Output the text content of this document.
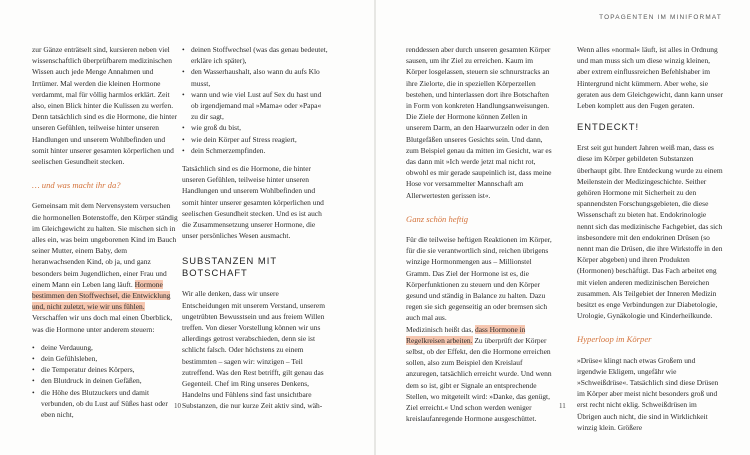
zur Gänze enträtselt sind, kursieren neben viel wissenschaftlich überprüfbarem medizinischen Wissen auch jede Menge Annahmen und Irrtümer. Mal werden die kleinen Hormone verdammt, mal für völlig harmlos erklärt. Zeit also, einen Blick hinter die Kulissen zu werfen. Denn tatsächlich sind es die Hormone, die hinter unseren Gefühlen, teilweise hinter unseren Handlungen und unserem Wohlbefinden und somit hinter unserer gesamten körperlichen und seelischen Gesundheit stecken.

… und was macht ihr da?

Gemeinsam mit dem Nervensystem versuchen die hormonellen Botenstoffe, den Körper ständig im Gleichgewicht zu halten. Sie mischen sich in alles ein, was beim ungeborenen Kind im Bauch seiner Mutter, einem Baby, dem heranwachsenden Kind, ob ja, und ganz besonders beim Jugendlichen, einer Frau und einem Mann ein Leben lang läuft. Hormone bestimmen den Stoffwechsel, die Entwicklung und, nicht zuletzt, wie wir uns fühlen. Verschaffen wir uns doch mal einen Überblick, was die Hormone unter anderem steuern:

• deine Verdauung,
• dein Gefühlsleben,
• die Temperatur deines Körpers,
• den Blutdruck in deinen Gefäßen,
• die Höhe des Blutzuckers und damit verbunden, ob du Lust auf Süßes hast oder eben nicht,
• deinen Stoffwechsel (was das genau bedeutet, erkläre ich später),
• den Wasserhaushalt, also wann du aufs Klo musst,
• wann und wie viel Lust auf Sex du hast und ob irgendjemand mal »Mama« oder »Papa« zu dir sagt,
• wie groß du bist,
• wie dein Körper auf Stress reagiert,
• dein Schmerzempfinden.

Tatsächlich sind es die Hormone, die hinter unseren Gefühlen, teilweise hinter unseren Handlungen und unserem Wohlbefinden und somit hinter unserer gesamten körperlichen und seelischen Gesundheit stecken. Und es ist auch die Zusammensetzung unserer Hormone, die unser persönliches Wesen ausmacht.

SUBSTANZEN MIT BOTSCHAFT

Wir alle denken, dass wir unsere Entscheidungen mit unserem Verstand, unserem ungetrübten Bewusstsein und aus freiem Willen treffen. Von dieser Vorstellung können wir uns allerdings getrost verabschieden, denn sie ist schlicht falsch. Oder höchstens zu einem bestimmten – sagen wir: winzigen – Teil zutreffend. Was den Rest betrifft, gilt genau das Gegenteil. Chef im Ring unseres Denkens, Handelns und Fühlens sind fast unsichtbare Substanzen, die nur kurze Zeit aktiv sind, wäh-

10
TOPAGENTEN IM MINIFORMAT

renddessen aber durch unseren gesamten Körper sausen, um ihr Ziel zu erreichen. Kaum im Körper losgelassen, steuern sie schnurstracks an ihre Zielorte, die in speziellen Körperzellen bestehen, und hinterlassen dort ihre Botschaften in Form von konkreten Handlungsanweisungen. Die Ziele der Hormone können Zellen in unserem Darm, an den Haarwurzeln oder in den Blutgefäßen unseres Gesichts sein. Und dann, zum Beispiel genau da mitten im Gesicht, war es das dann mit »Ich werde jetzt mal nicht rot, obwohl es mir gerade saupeinlich ist, dass meine Hose vor versammelter Mannschaft am Allerwertesten gerissen ist«.

Ganz schön heftig

Für die teilweise heftigen Reaktionen im Körper, für die sie verantwortlich sind, reichen übrigens winzige Hormonmengen aus – Millionstel Gramm. Das Ziel der Hormone ist es, die Körperfunktionen zu steuern und den Körper gesund und ständig in Balance zu halten. Dazu regen sie sich gegenseitig an oder bremsen sich auch mal aus.

Medizinisch heißt das, dass Hormone in Regelkreisen arbeiten. Zu überprüft der Körper selbst, ob der Effekt, den die Hormone erreichen sollen, also zum Beispiel den Kreislauf anzuregen, tatsächlich erreicht wurde. Und wenn dem so ist, gibt er Signale an entsprechende Stellen, wo mitgeteilt wird: »Danke, das genügt, Ziel erreicht.« Und schon werden weniger kreislaufanregende Hormone ausgeschüttet.

Wenn alles »normal« läuft, ist alles in Ordnung und man muss sich um diese winzig kleinen, aber extrem einflussreichen Befehlshaber im Hintergrund nicht kümmern. Aber wehe, sie geraten aus dem Gleichgewicht, dann kann unser Leben komplett aus den Fugen geraten.

ENTDECKT!

Erst seit gut hundert Jahren weiß man, dass es diese im Körper gebildeten Substanzen überhaupt gibt. Ihre Entdeckung wurde zu einem Meilenstein der Medizingeschichte. Seither gehören Hormone mit Sicherheit zu den spannendsten Forschungsgebieten, die diese Wissenschaft zu bieten hat. Endokrinologie nennt sich das medizinische Fachgebiet, das sich insbesondere mit den endokrinen Drüsen (so nennt man die Drüsen, die ihre Wirkstoffe in den Körper abgeben) und ihren Produkten (Hormonen) beschäftigt. Das Fach arbeitet eng mit vielen anderen medizinischen Bereichen zusammen. Als Teilgebiet der Inneren Medizin besitzt es enge Verbindungen zur Diabetologie, Urologie, Gynäkologie und Kinderheilkunde.

Hyperloop im Körper

»Drüse« klingt nach etwas Großem und irgendwie Ekligem, ungefähr wie »Schweißdrüse«. Tatsächlich sind diese Drüsen im Körper aber meist nicht besonders groß und erst recht nicht eklig. Schweißdrüsen im Übrigen auch nicht, die sind in Wirklichkeit winzig klein. Größere

11
